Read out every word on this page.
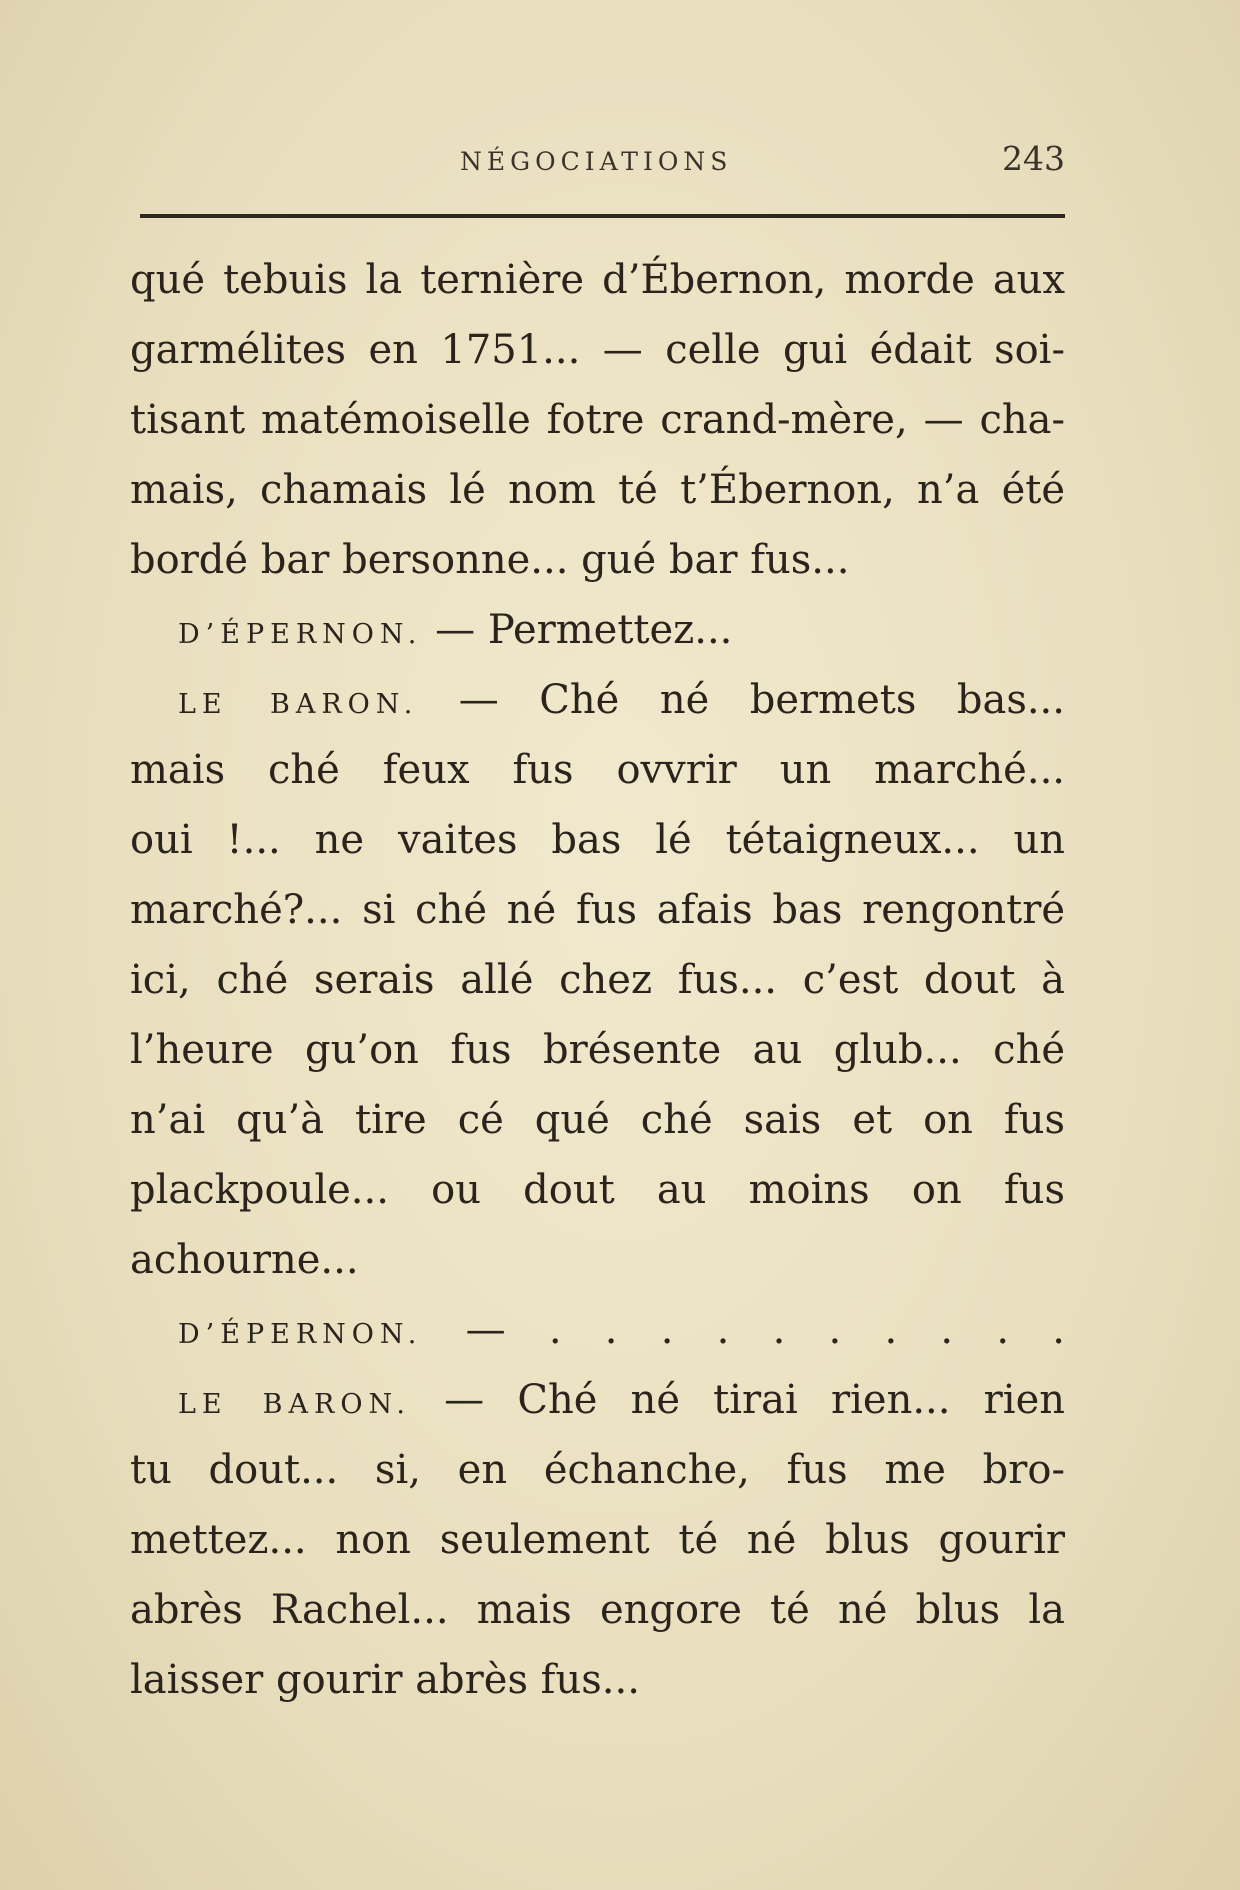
NÉGOCIATIONS	243
qué tebuis la ternière d’Ébernon, morde aux
garmélites en 1751... — celle gui édait soi-
tisant matémoiselle fotre crand-mère, — cha-
mais, chamais lé nom té t’Ébernon, n’a été
bordé bar bersonne... gué bar fus...
D’ÉPERNON. — Permettez...
LE BARON. — Ché né bermets bas...
mais ché feux fus ovvrir un marché...
oui !... ne vaites bas lé tétaigneux... un
marché?... si ché né fus afais bas rengontré
ici, ché serais allé chez fus... c’est dout à
l’heure gu’on fus brésente au glub... ché
n’ai qu’à tire cé qué ché sais et on fus
plackpoule... ou dout au moins on fus
achourne...
D’ÉPERNON. — . . . . . . . . . .
LE BARON. — Ché né tirai rien... rien
tu dout... si, en échanche, fus me bro-
mettez... non seulement té né blus gourir
abrès Rachel... mais engore té né blus la
laisser gourir abrès fus...
